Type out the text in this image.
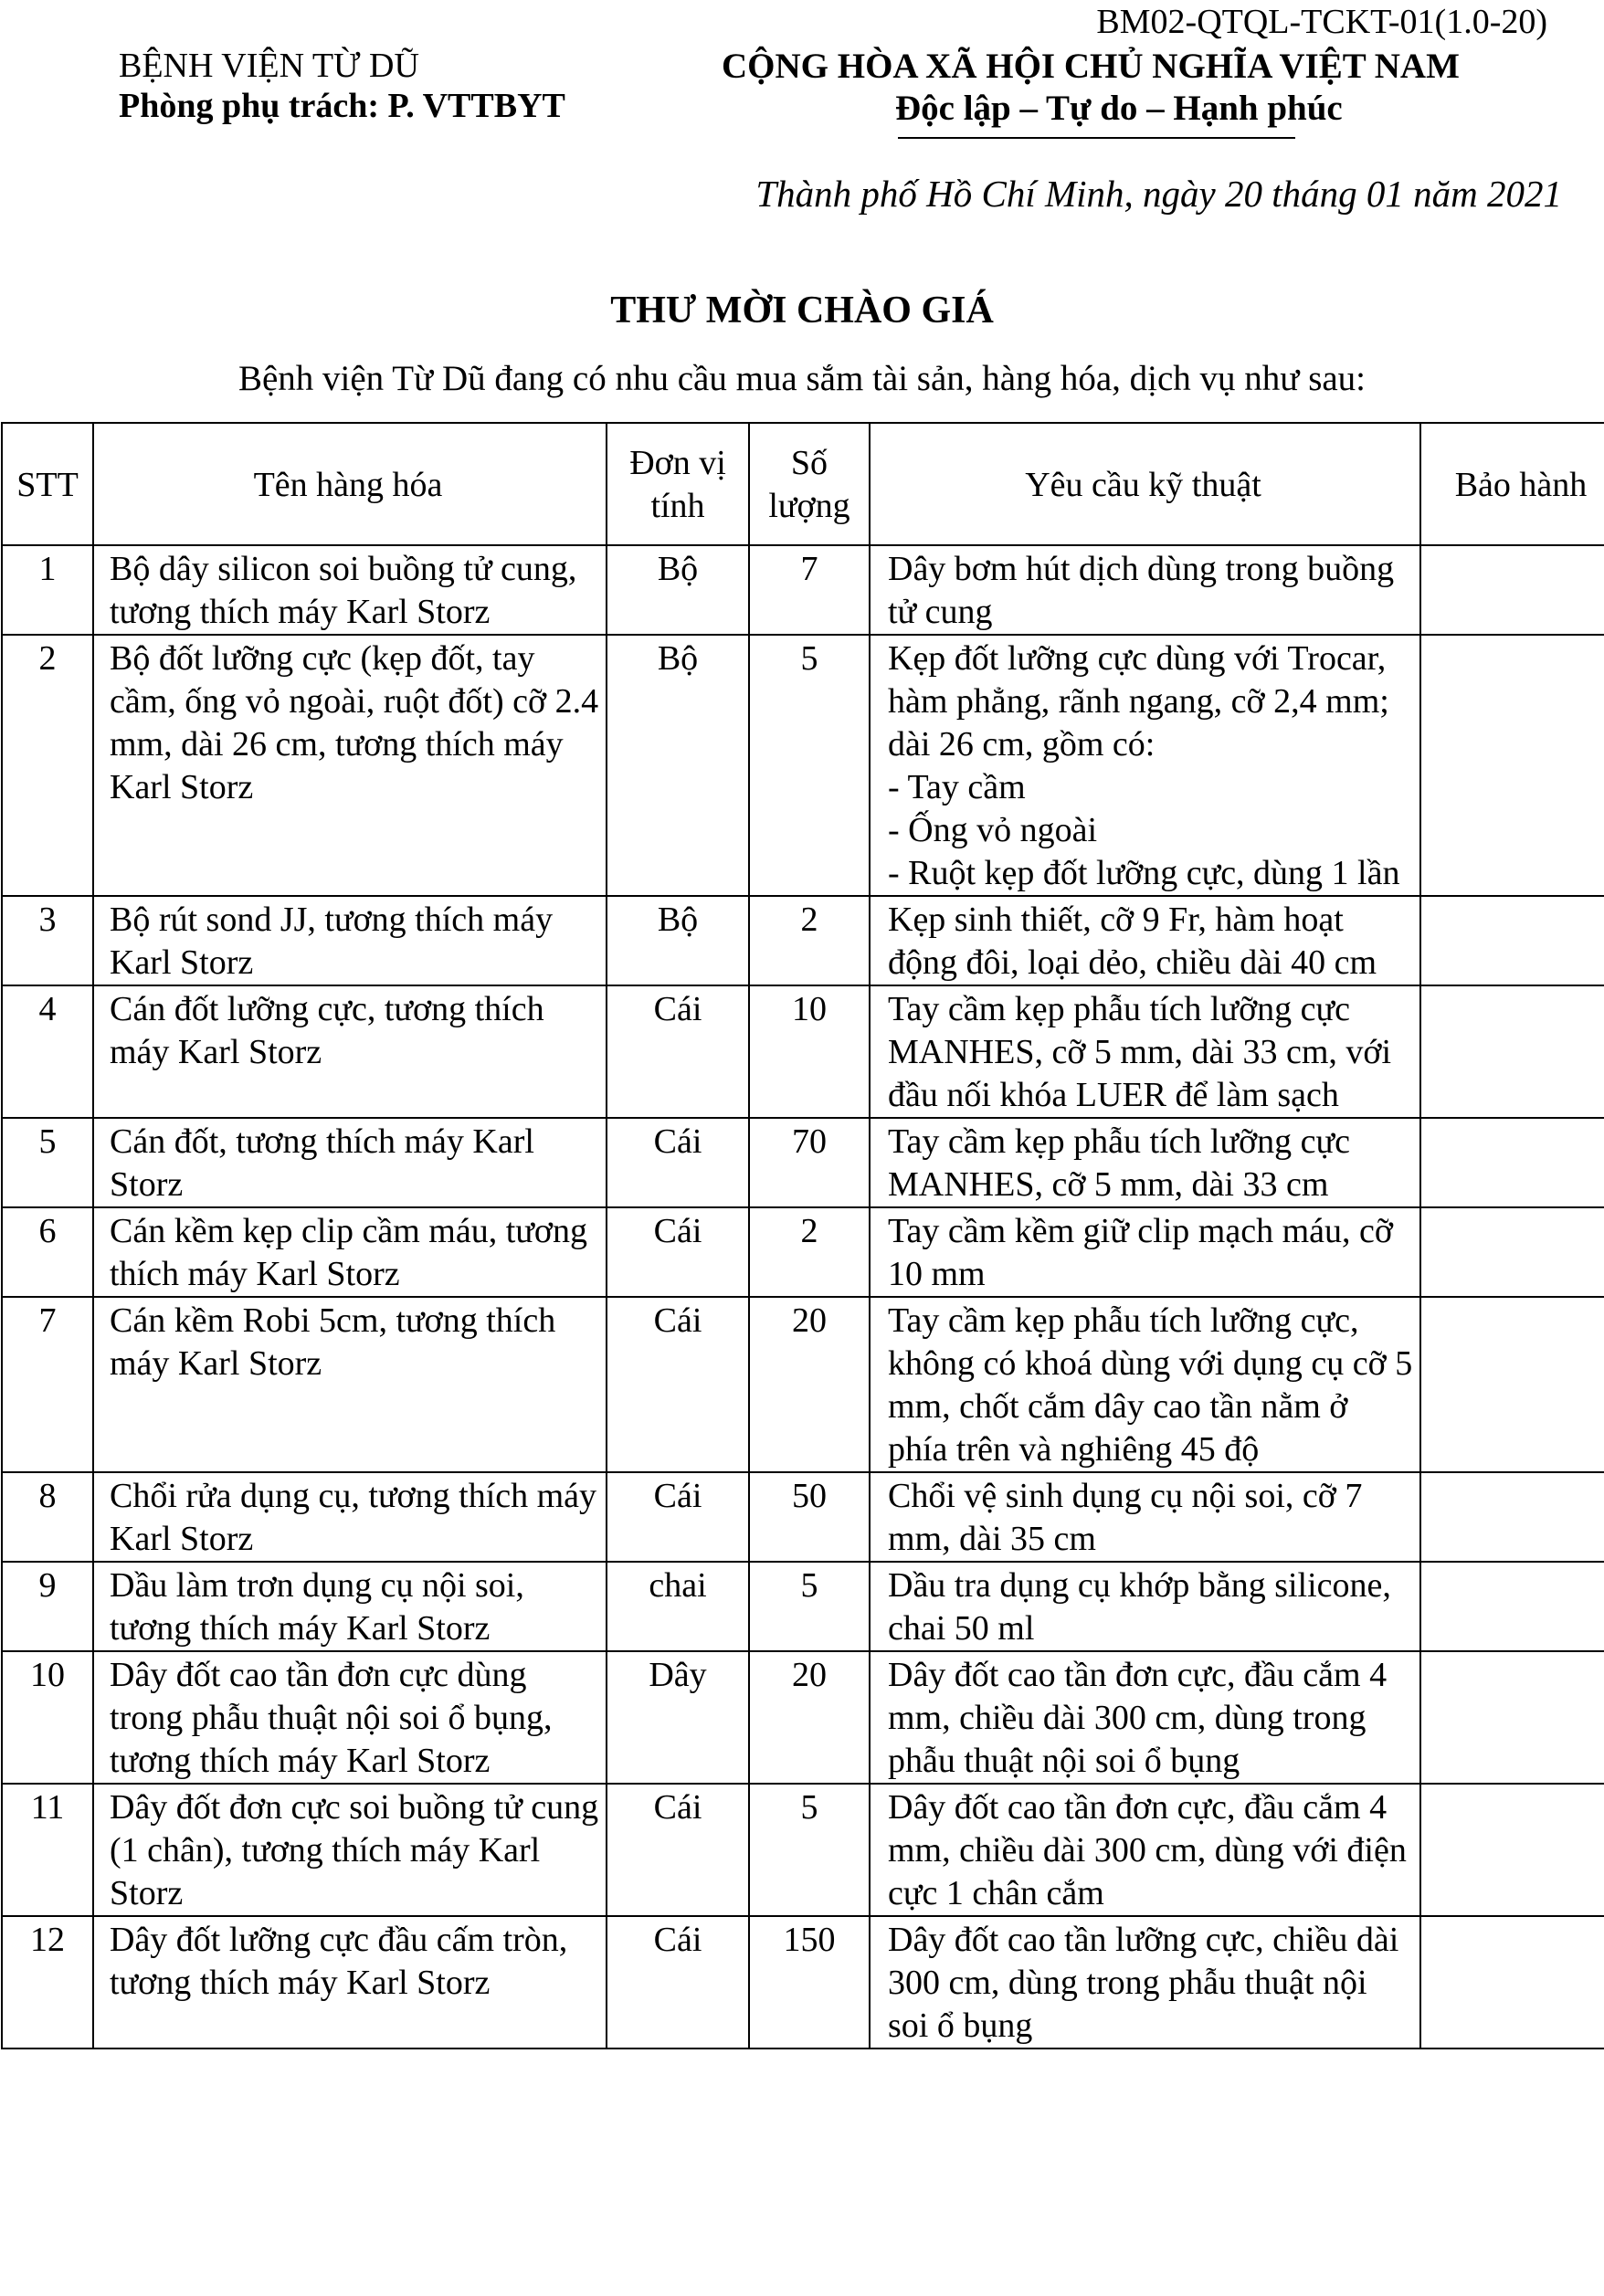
BM02-QTQL-TCKT-01(1.0-20)
BỆNH VIỆN TỪ DŨ
Phòng phụ trách: P. VTTBYT
CỘNG HÒA XÃ HỘI CHỦ NGHĨA VIỆT NAM
Độc lập – Tự do – Hạnh phúc
Thành phố Hồ Chí Minh, ngày 20 tháng 01 năm 2021
THƯ MỜI CHÀO GIÁ
Bệnh viện Từ Dũ đang có nhu cầu mua sắm tài sản, hàng hóa, dịch vụ như sau:
STT	Tên hàng hóa	Đơn vị tính	Số lượng	Yêu cầu kỹ thuật	Bảo hành
1	Bộ dây silicon soi buồng tử cung, tương thích máy Karl Storz	Bộ	7	Dây bơm hút dịch dùng trong buồng tử cung	

2	Bộ đốt lưỡng cực (kẹp đốt, tay cầm, ống vỏ ngoài, ruột đốt) cỡ 2.4 mm, dài 26 cm, tương thích máy Karl Storz	Bộ	5	Kẹp đốt lưỡng cực dùng với Trocar, hàm phẳng, rãnh ngang, cỡ 2,4 mm; dài 26 cm, gồm có:
- Tay cầm
- Ống vỏ ngoài
- Ruột kẹp đốt lưỡng cực, dùng 1 lần	

3	Bộ rút sond JJ, tương thích máy Karl Storz	Bộ	2	Kẹp sinh thiết, cỡ 9 Fr, hàm hoạt động đôi, loại dẻo, chiều dài 40 cm	

4	Cán đốt lưỡng cực, tương thích máy Karl Storz	Cái	10	Tay cầm kẹp phẫu tích lưỡng cực MANHES, cỡ 5 mm, dài 33 cm, với đầu nối khóa LUER để làm sạch	

5	Cán đốt, tương thích máy Karl Storz	Cái	70	Tay cầm kẹp phẫu tích lưỡng cực MANHES, cỡ 5 mm, dài 33 cm	

6	Cán kềm kẹp clip cầm máu, tương thích máy Karl Storz	Cái	2	Tay cầm kềm giữ clip mạch máu, cỡ 10 mm	

7	Cán kềm Robi 5cm, tương thích máy Karl Storz	Cái	20	Tay cầm kẹp phẫu tích lưỡng cực, không có khoá dùng với dụng cụ cỡ 5 mm, chốt cắm dây cao tần nằm ở phía trên và nghiêng 45 độ	

8	Chổi rửa dụng cụ, tương thích máy Karl Storz	Cái	50	Chổi vệ sinh dụng cụ nội soi, cỡ 7 mm, dài 35 cm	

9	Dầu làm trơn dụng cụ nội soi, tương thích máy Karl Storz	chai	5	Dầu tra dụng cụ khớp bằng silicone, chai 50 ml	

10	Dây đốt cao tần đơn cực dùng trong phẫu thuật nội soi ổ bụng, tương thích máy Karl Storz	Dây	20	Dây đốt cao tần đơn cực, đầu cắm 4 mm, chiều dài 300 cm, dùng trong phẫu thuật nội soi ổ bụng	

11	Dây đốt đơn cực soi buồng tử cung (1 chân), tương thích máy Karl Storz	Cái	5	Dây đốt cao tần đơn cực, đầu cắm 4 mm, chiều dài 300 cm, dùng với điện cực 1 chân cắm	

12	Dây đốt lưỡng cực đầu cấm tròn, tương thích máy Karl Storz	Cái	150	Dây đốt cao tần lưỡng cực, chiều dài 300 cm, dùng trong phẫu thuật nội soi ổ bụng	
